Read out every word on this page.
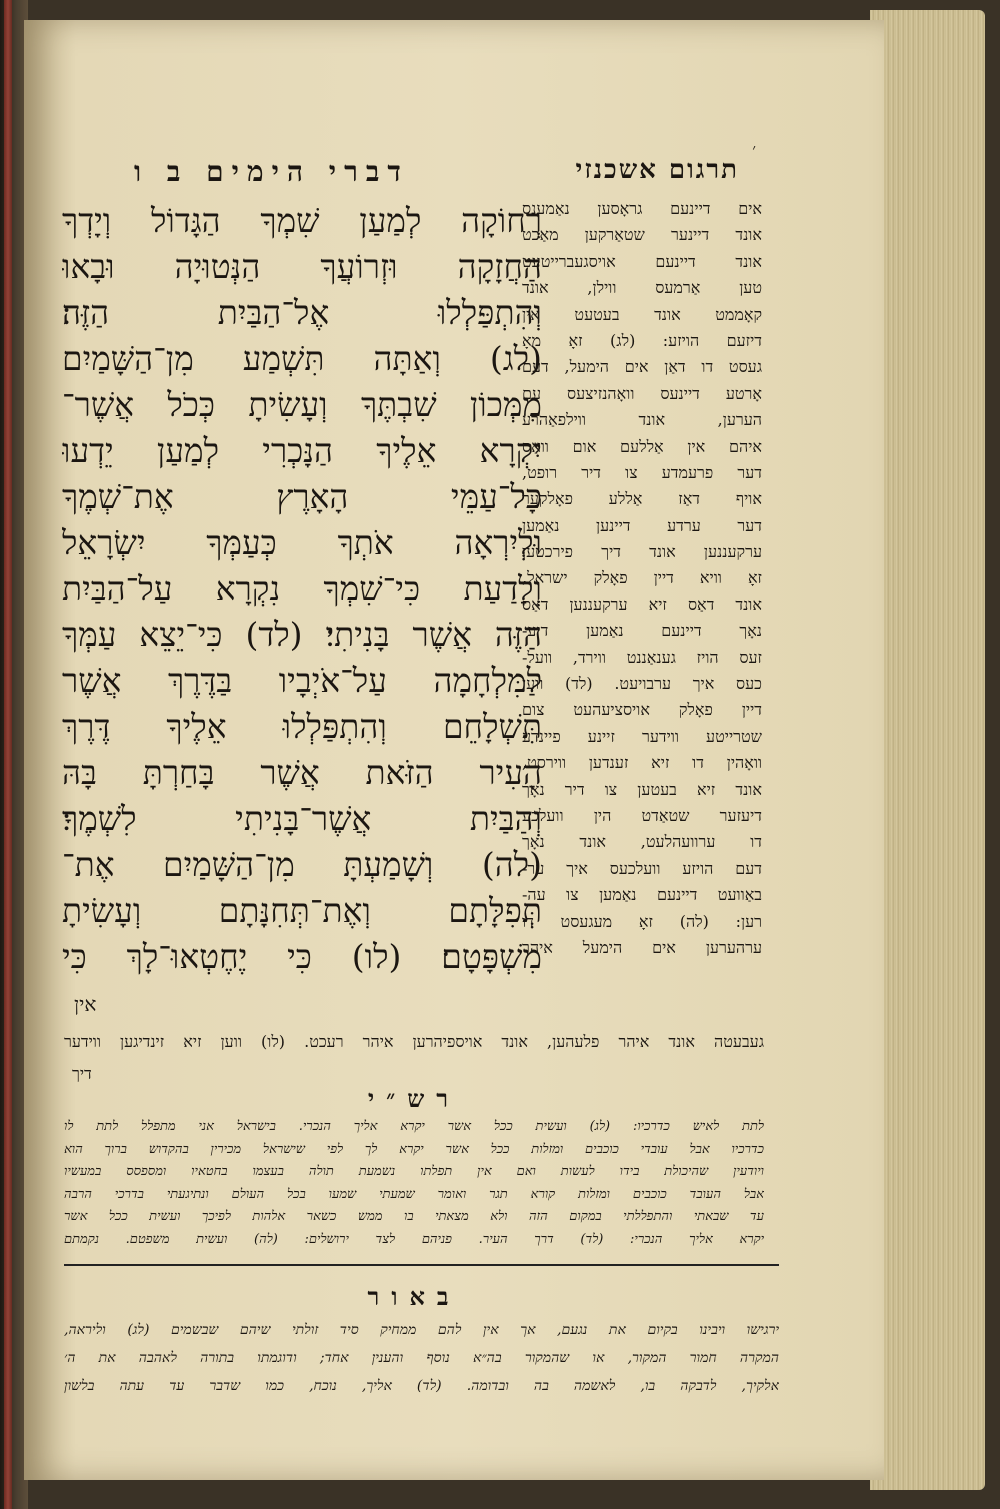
׳
תרגום אשכנזי
דברי הימים ב ו
רְחוֹקָה לְמַעַן שִׁמְךָ הַגָּדוֹל וְיָדְךָ
הַחֲזָקָה וּזְרוֹעֲךָ הַנְּטוּיָה וּבָאוּ
וְהִתְפַּלְלוּ אֶל־הַבַּיִת הַזֶּה׃
(לג) וְאַתָּה תִּשְׁמַע מִן־הַשָּׁמַיִם
מִמְּכוֹן שִׁבְתֶּךָ וְעָשִׂיתָ כְּכֹל אֲשֶׁר־
יִקְרָא אֵלֶיךָ הַנָּכְרִי לְמַעַן יֵדְעוּ
כָל־עַמֵּי הָאָרֶץ אֶת־שְׁמֶךָ
וּלְיִרְאָה אֹתְךָ כְּעַמְּךָ יִשְׂרָאֵל
וְלָדַעַת כִּי־שִׁמְךָ נִקְרָא עַל־הַבַּיִת
הַזֶּה אֲשֶׁר בָּנִיתִי׃ (לד) כִּי־יֵצֵא עַמְּךָ
לַמִּלְחָמָה עַל־אֹיְבָיו בַּדֶּרֶךְ אֲשֶׁר
תִּשְׁלָחֵם וְהִתְפַּלְלוּ אֵלֶיךָ דֶּרֶךְ
הָעִיר הַזֹּאת אֲשֶׁר בָּחַרְתָּ בָּהּ
וְהַבַּיִת אֲשֶׁר־בָּנִיתִי לִשְׁמֶךָ׃
(לה) וְשָׁמַעְתָּ מִן־הַשָּׁמַיִם אֶת־
תְּפִלָּתָם וְאֶת־תְּחִנָּתָם וְעָשִׂיתָ
מִשְׁפָּטָם׃ (לו) כִּי יֶחֶטְאוּ־לָךְ כִּי
אין
אים דיינעם גראָסען נאַמענס
אונד דיינער שטאַרקען מאַכט
אונד דיינעם אויסגעברייטעט
טען אַרמעס ווילן, אונד
קאָממט אונד בעטעט אין
דיזעם הויזע: (לג) זאָ מאָ
געסט דו דאַן אים הימעל, דעם
אָרטע דיינעס וואָהנזיצעס עם
הערען, אונד ווילפאַהרע
איהם אין אַללעם אום וואַס
דער פרעמדע צו דיר רופט,
אויף דאַז אַללע פאָלקער
דער ערדע דיינען נאַמען
ערקעננען אונד דיך פירכטען
זאָ וויא דיין פאָלק ישראל,
אונד דאַס זיא ערקעננען דאַס
נאָך דיינעם נאַמען דיע-
זעס הויז גענאַננט ווירד, וועל-
כעס איך ערבויעט. (לד) ווען
דיין פאָלק אויסציעהעט צום
שטרייטע ווידער זיינע פיינדע
וואָהין דו זיא זענדען ווירסט,
אונד זיא בעטען צו דיר נאָך
דיעזער שטאַדט הין וועלכע
דו ערוועהלעט, אונד נאָך
דעם הויזע וועלכעס איך ער-
באַוועט דיינעם נאַמען צו עה-
רען: (לה) זאָ מעגעסט דו
ערהערען אים הימעל איהר
געבעטה אונד איהר פלעהען, אונד אויספיהרען איהר רעכט. (לו) ווען זיא זינדיגען ווידער
דיך
רש״י
לתת לאיש כדרכיו: (לג) ועשית ככל אשר יקרא אליך הנכרי. בישראל אני מתפלל לתת לו
כדרכיו אבל עובדי כוכבים ומזלות ככל אשר יקרא לך לפי שישראל מכירין בהקדוש ברוך הוא
ויודעין שהיכולת בידו לעשות ואם אין תפלתו נשמעת תולה בעצמו בחטאיו ומספסס במעשיו
אבל העובד כוכבים ומזלות קורא תגר ואומר שמעתי שמעו בכל העולם ונתיגעתי בדרכי הרבה
עד שבאתי והתפללתי במקום הזה ולא מצאתי בו ממש כשאר אלהות לפיכך ועשית ככל אשר
יקרא אליך הנכרי: (לד) דרך העיר. פניהם לצד ירושלים: (לה) ועשית משפטם. נקמתם
באור
ירגישו ויבינו בקיום את נגעם, אך אין להם ממחיק סיד זולתי שיהם שבשמים (לג) וליראה,
המקרה חמור המקור, או שהמקור בה״א נוסף והענין אחד; ודוגמתו בתורה לאהבה את ה׳
אלקיך, לדבקה בו, לאשמה בה ובדומה. (לד) אליך, נוכח, כמו שדבר עד עתה בלשון
